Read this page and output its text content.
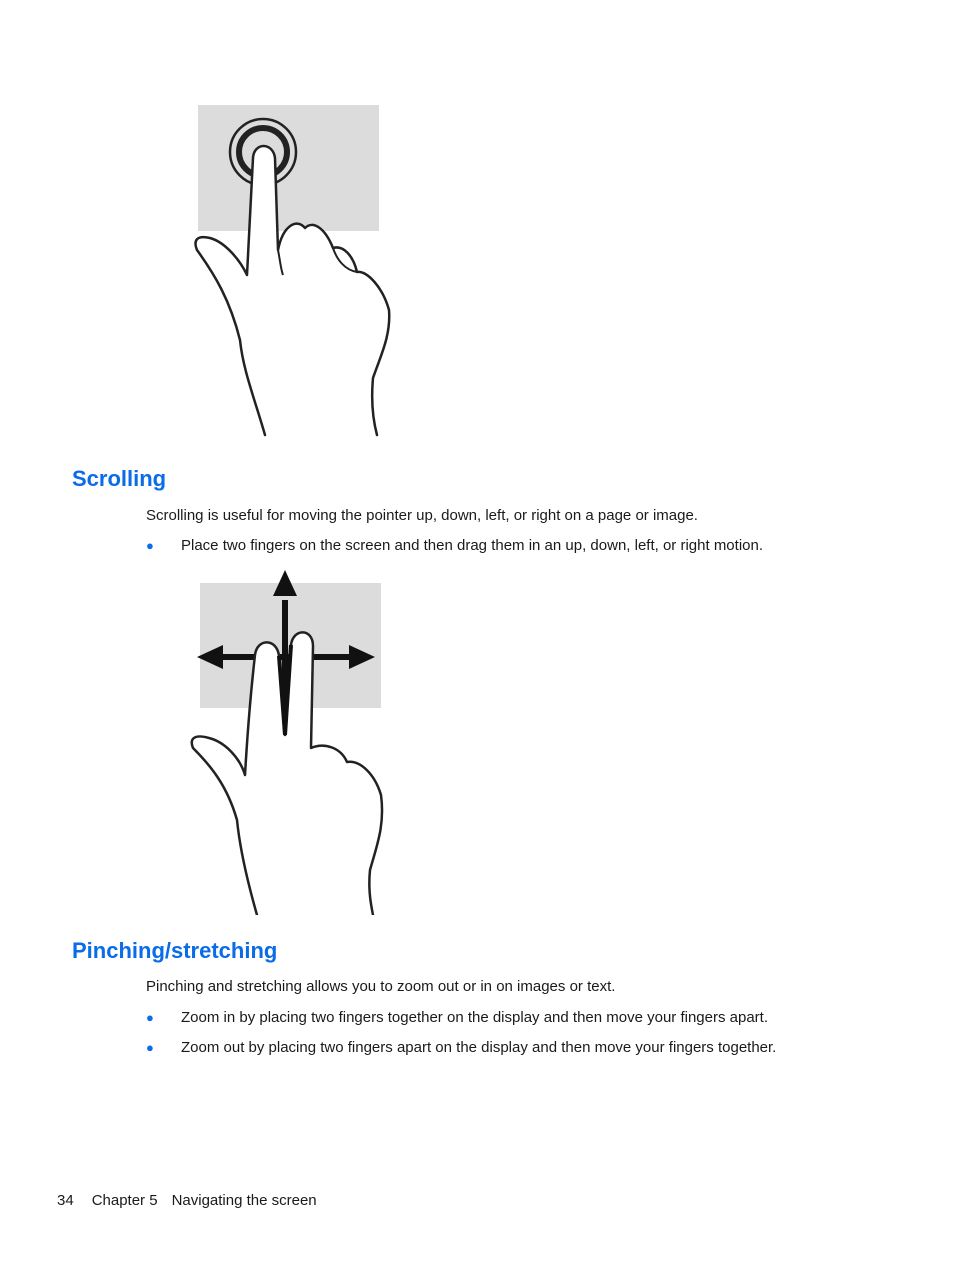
Scrolling
Scrolling is useful for moving the pointer up, down, left, or right on a page or image.
● Place two fingers on the screen and then drag them in an up, down, left, or right motion.
Pinching/stretching
Pinching and stretching allows you to zoom out or in on images or text.
● Zoom in by placing two fingers together on the display and then move your fingers apart.
● Zoom out by placing two fingers apart on the display and then move your fingers together.
34 Chapter 5 Navigating the screen
